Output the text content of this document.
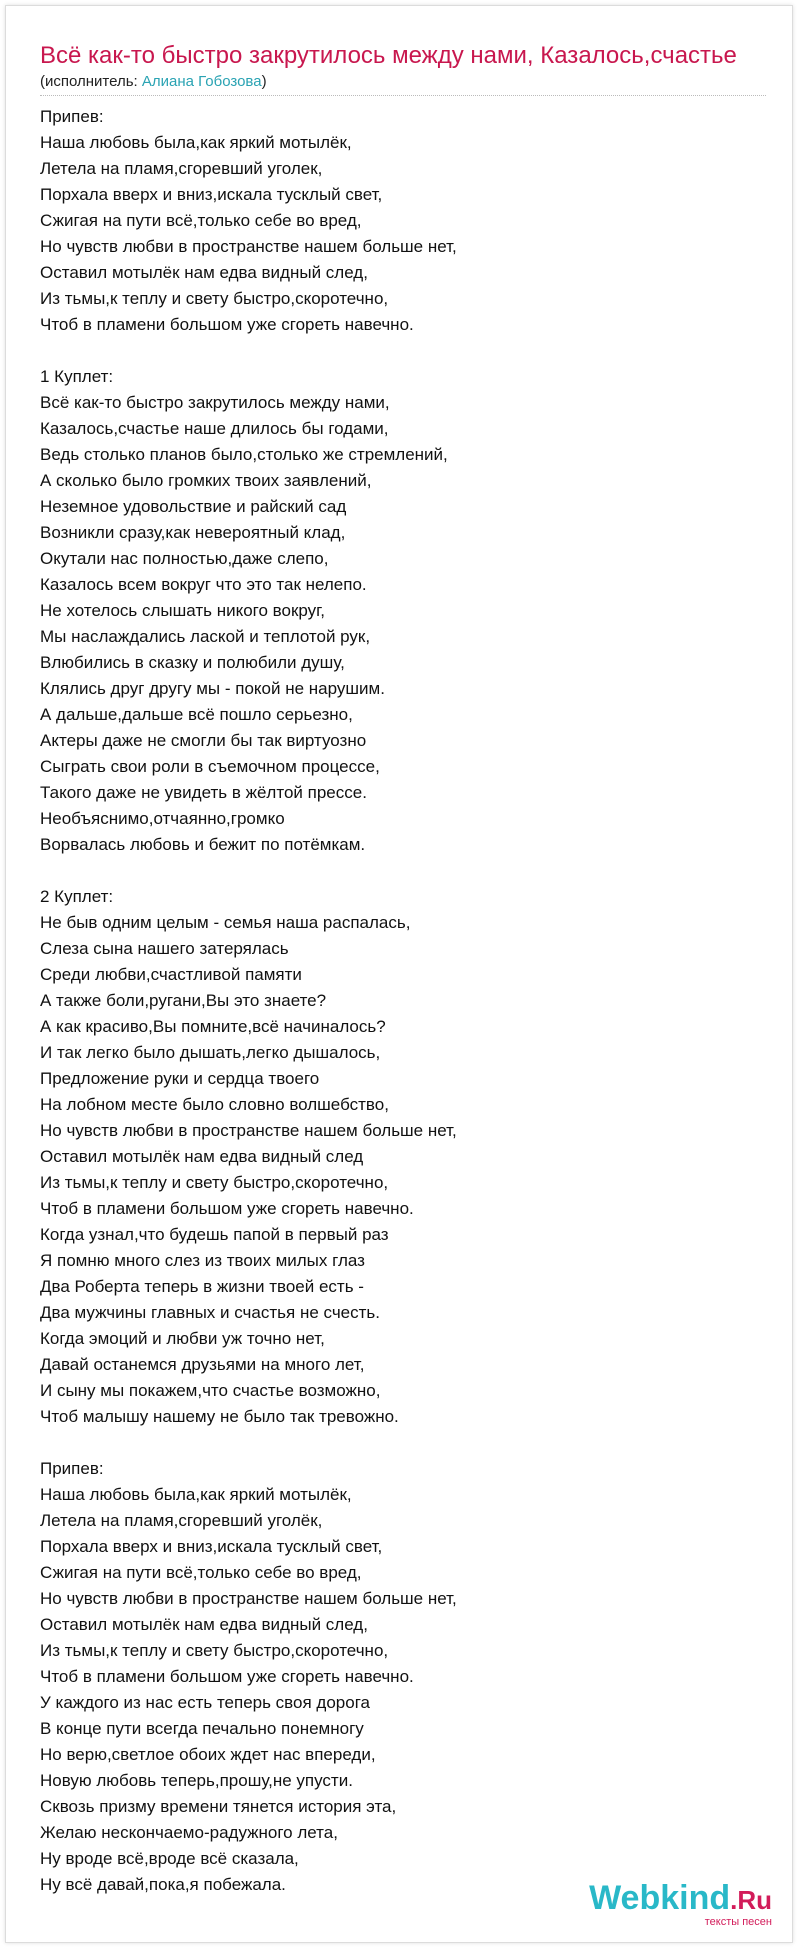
Всё как-то быстро закрутилось между нами, Казалось,счастье
(исполнитель: Алиана Гобозова)
Припев:
Наша любовь была,как яркий мотылёк,
Летела на пламя,сгоревший уголек,
Порхала вверх и вниз,искала тусклый свет,
Сжигая на пути всё,только себе во вред,
Но чувств любви в пространстве нашем больше нет,
Оставил мотылёк нам едва видный след,
Из тьмы,к теплу и свету быстро,скоротечно,
Чтоб в пламени большом уже сгореть навечно.
1 Куплет:
Всё как-то быстро закрутилось между нами,
Казалось,счастье наше длилось бы годами,
Ведь столько планов было,столько же стремлений,
А сколько было громких твоих заявлений,
Неземное удовольствие и райский сад
Возникли сразу,как невероятный клад,
Окутали нас полностью,даже слепо,
Казалось всем вокруг что это так нелепо.
Не хотелось слышать никого вокруг,
Мы наслаждались лаской и теплотой рук,
Влюбились в сказку и полюбили душу,
Клялись друг другу мы - покой не нарушим.
А дальше,дальше всё пошло серьезно,
Актеры даже не смогли бы так виртуозно
Сыграть свои роли в съемочном процессе,
Такого даже не увидеть в жёлтой прессе.
Необъяснимо,отчаянно,громко
Ворвалась любовь и бежит по потёмкам.
2 Куплет:
Не быв одним целым - семья наша распалась,
Слеза сына нашего затерялась
Среди любви,счастливой памяти
А также боли,ругани,Вы это знаете?
А как красиво,Вы помните,всё начиналось?
И так легко было дышать,легко дышалось,
Предложение руки и сердца твоего
На лобном месте было словно волшебство,
Но чувств любви в пространстве нашем больше нет,
Оставил мотылёк нам едва видный след
Из тьмы,к теплу и свету быстро,скоротечно,
Чтоб в пламени большом уже сгореть навечно.
Когда узнал,что будешь папой в первый раз
Я помню много слез из твоих милых глаз
Два Роберта теперь в жизни твоей есть -
Два мужчины главных и счастья не счесть.
Когда эмоций и любви уж точно нет,
Давай останемся друзьями на много лет,
И сыну мы покажем,что счастье возможно,
Чтоб малышу нашему не было так тревожно.
Припев:
Наша любовь была,как яркий мотылёк,
Летела на пламя,сгоревший уголёк,
Порхала вверх и вниз,искала тусклый свет,
Сжигая на пути всё,только себе во вред,
Но чувств любви в пространстве нашем больше нет,
Оставил мотылёк нам едва видный след,
Из тьмы,к теплу и свету быстро,скоротечно,
Чтоб в пламени большом уже сгореть навечно.
У каждого из нас есть теперь своя дорога
В конце пути всегда печально понемногу
Но верю,светлое обоих ждет нас впереди,
Новую любовь теперь,прошу,не упусти.
Сквозь призму времени тянется история эта,
Желаю нескончаемо-радужного лета,
Ну вроде всё,вроде всё сказала,
Ну всё давай,пока,я побежала.	Webkind.Ru
тексты песен
